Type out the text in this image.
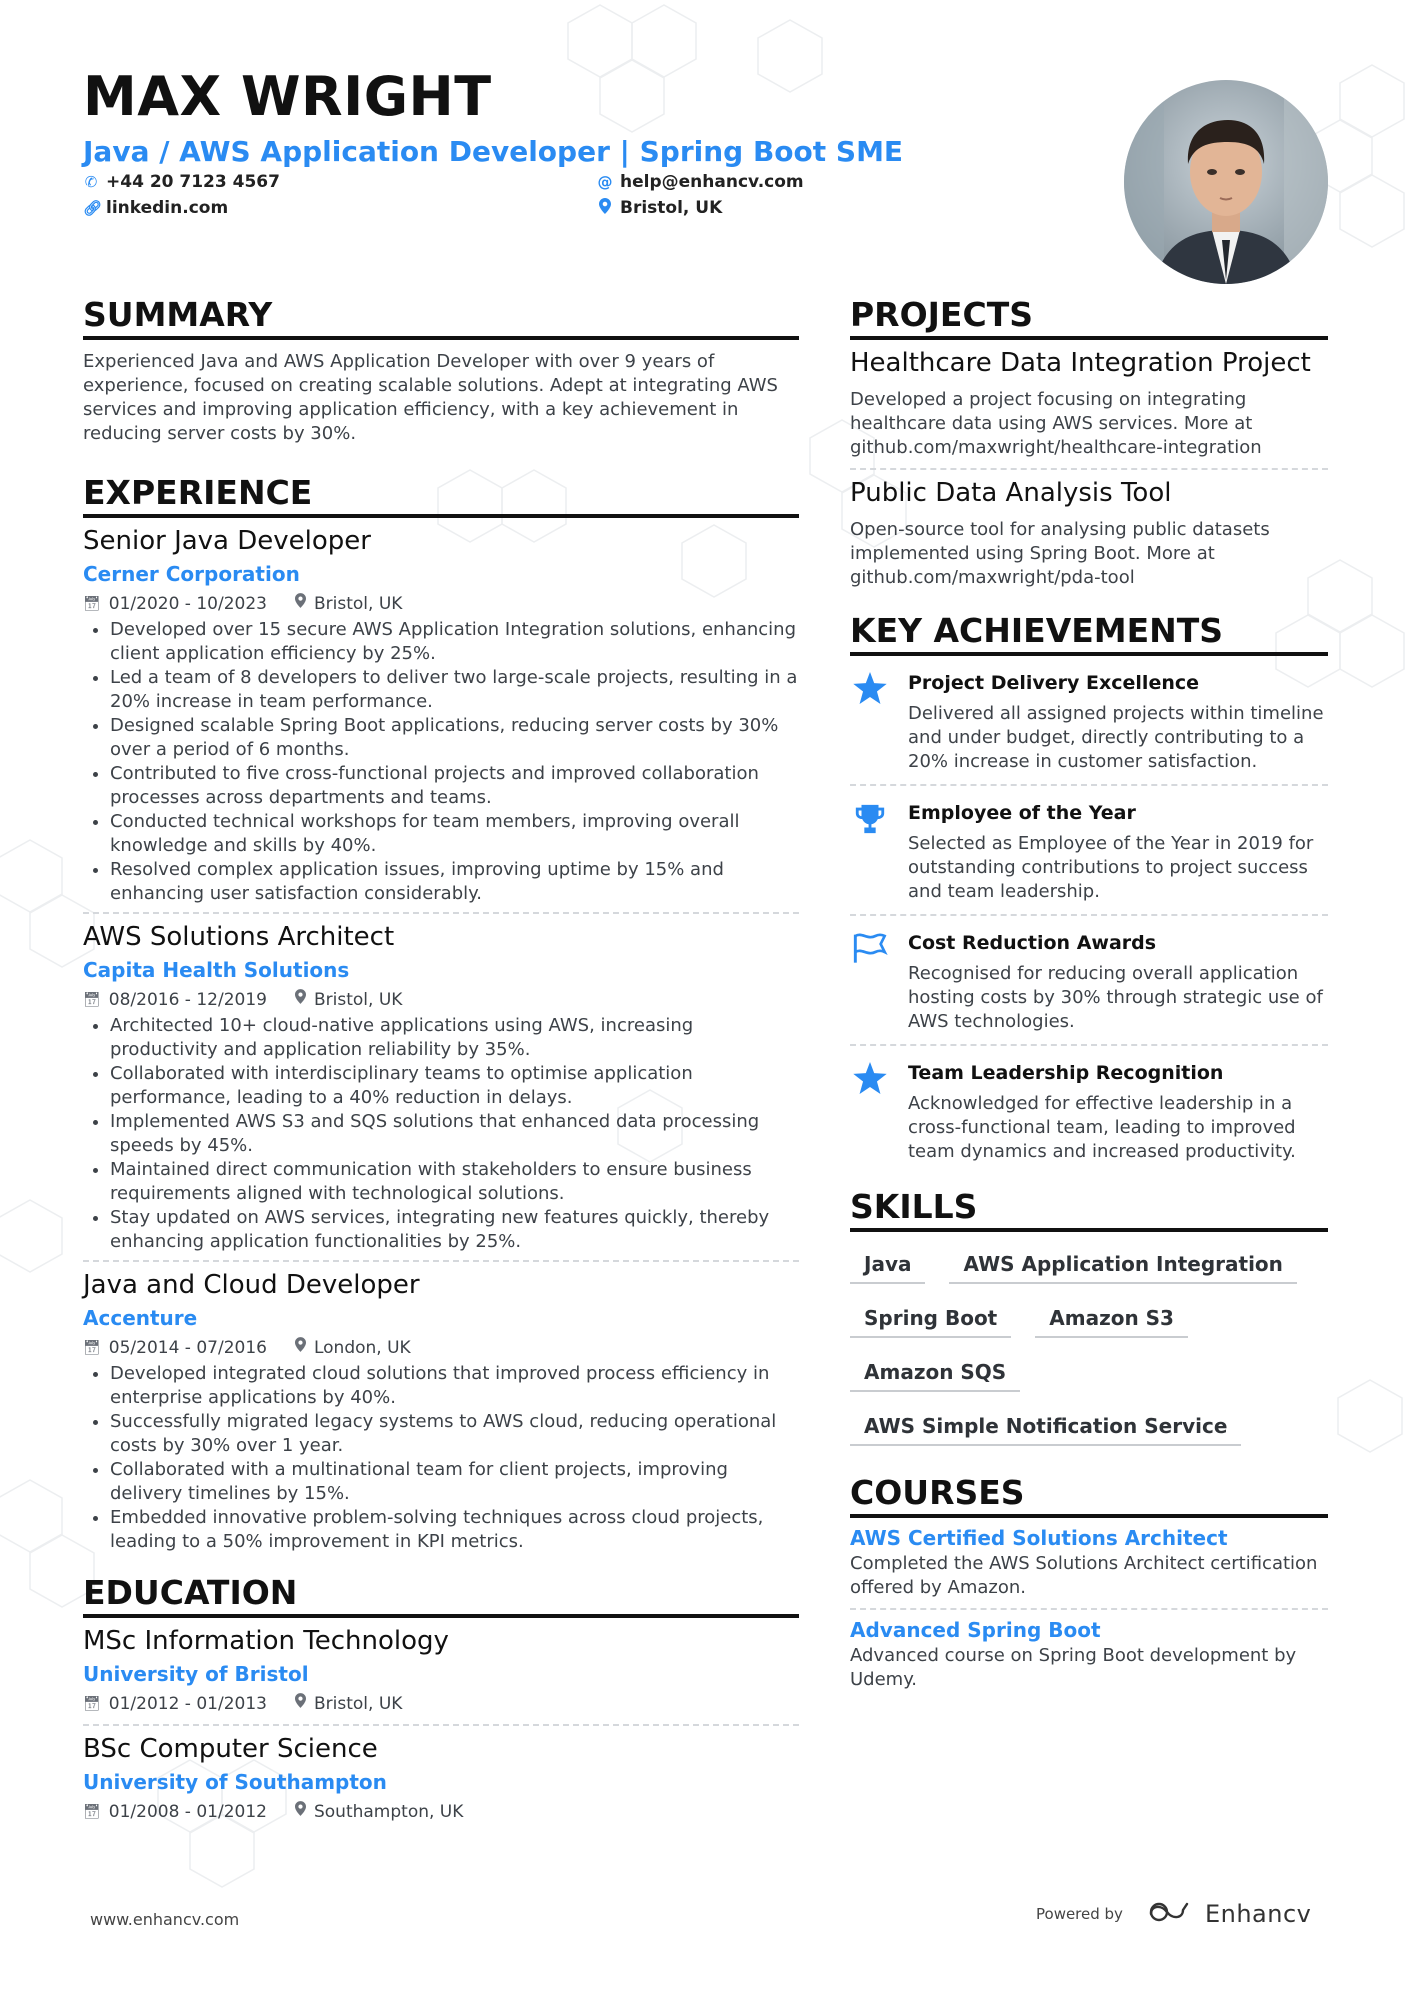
MAX WRIGHT
Java / AWS Application Developer | Spring Boot SME
✆ +44 20 7123 4567	@ help@enhancv.com
🔗︎ linkedin.com	Bristol, UK
SUMMARY

Experienced Java and AWS Application Developer with over 9 years of experience, focused on creating scalable solutions. Adept at integrating AWS services and improving application efficiency, with a key achievement in reducing server costs by 30%.

EXPERIENCE
Senior Java Developer
Cerner Corporation
📅︎ 01/2020 - 10/2023	Bristol, UK
• Developed over 15 secure AWS Application Integration solutions, enhancing client application efficiency by 25%.
• Led a team of 8 developers to deliver two large-scale projects, resulting in a 20% increase in team performance.
• Designed scalable Spring Boot applications, reducing server costs by 30% over a period of 6 months.
• Contributed to five cross-functional projects and improved collaboration processes across departments and teams.
• Conducted technical workshops for team members, improving overall knowledge and skills by 40%.
• Resolved complex application issues, improving uptime by 15% and enhancing user satisfaction considerably.
AWS Solutions Architect
Capita Health Solutions
📅︎ 08/2016 - 12/2019	Bristol, UK
• Architected 10+ cloud-native applications using AWS, increasing productivity and application reliability by 35%.
• Collaborated with interdisciplinary teams to optimise application performance, leading to a 40% reduction in delays.
• Implemented AWS S3 and SQS solutions that enhanced data processing speeds by 45%.
• Maintained direct communication with stakeholders to ensure business requirements aligned with technological solutions.
• Stay updated on AWS services, integrating new features quickly, thereby enhancing application functionalities by 25%.
Java and Cloud Developer
Accenture
📅︎ 05/2014 - 07/2016	London, UK
• Developed integrated cloud solutions that improved process efficiency in enterprise applications by 40%.
• Successfully migrated legacy systems to AWS cloud, reducing operational costs by 30% over 1 year.
• Collaborated with a multinational team for client projects, improving delivery timelines by 15%.
• Embedded innovative problem-solving techniques across cloud projects, leading to a 50% improvement in KPI metrics.
EDUCATION
MSc Information Technology
University of Bristol
📅︎ 01/2012 - 01/2013	Bristol, UK
BSc Computer Science
University of Southampton
📅︎ 01/2008 - 01/2012	Southampton, UK
PROJECTS
Healthcare Data Integration Project

Developed a project focusing on integrating healthcare data using AWS services. More at github.com/maxwright/healthcare-integration

Public Data Analysis Tool

Open-source tool for analysing public datasets implemented using Spring Boot. More at github.com/maxwright/pda-tool

KEY ACHIEVEMENTS
Project Delivery Excellence
Delivered all assigned projects within timeline and under budget, directly contributing to a 20% increase in customer satisfaction.
Employee of the Year
Selected as Employee of the Year in 2019 for outstanding contributions to project success and team leadership.
Cost Reduction Awards
Recognised for reducing overall application hosting costs by 30% through strategic use of AWS technologies.
Team Leadership Recognition
Acknowledged for effective leadership in a cross-functional team, leading to improved team dynamics and increased productivity.
SKILLS
Java	AWS Application Integration
Spring Boot	Amazon S3
Amazon SQS
AWS Simple Notification Service
COURSES
AWS Certified Solutions Architect

Completed the AWS Solutions Architect certification offered by Amazon.

Advanced Spring Boot

Advanced course on Spring Boot development by Udemy.

www.enhancv.com	Powered by	Enhancv
